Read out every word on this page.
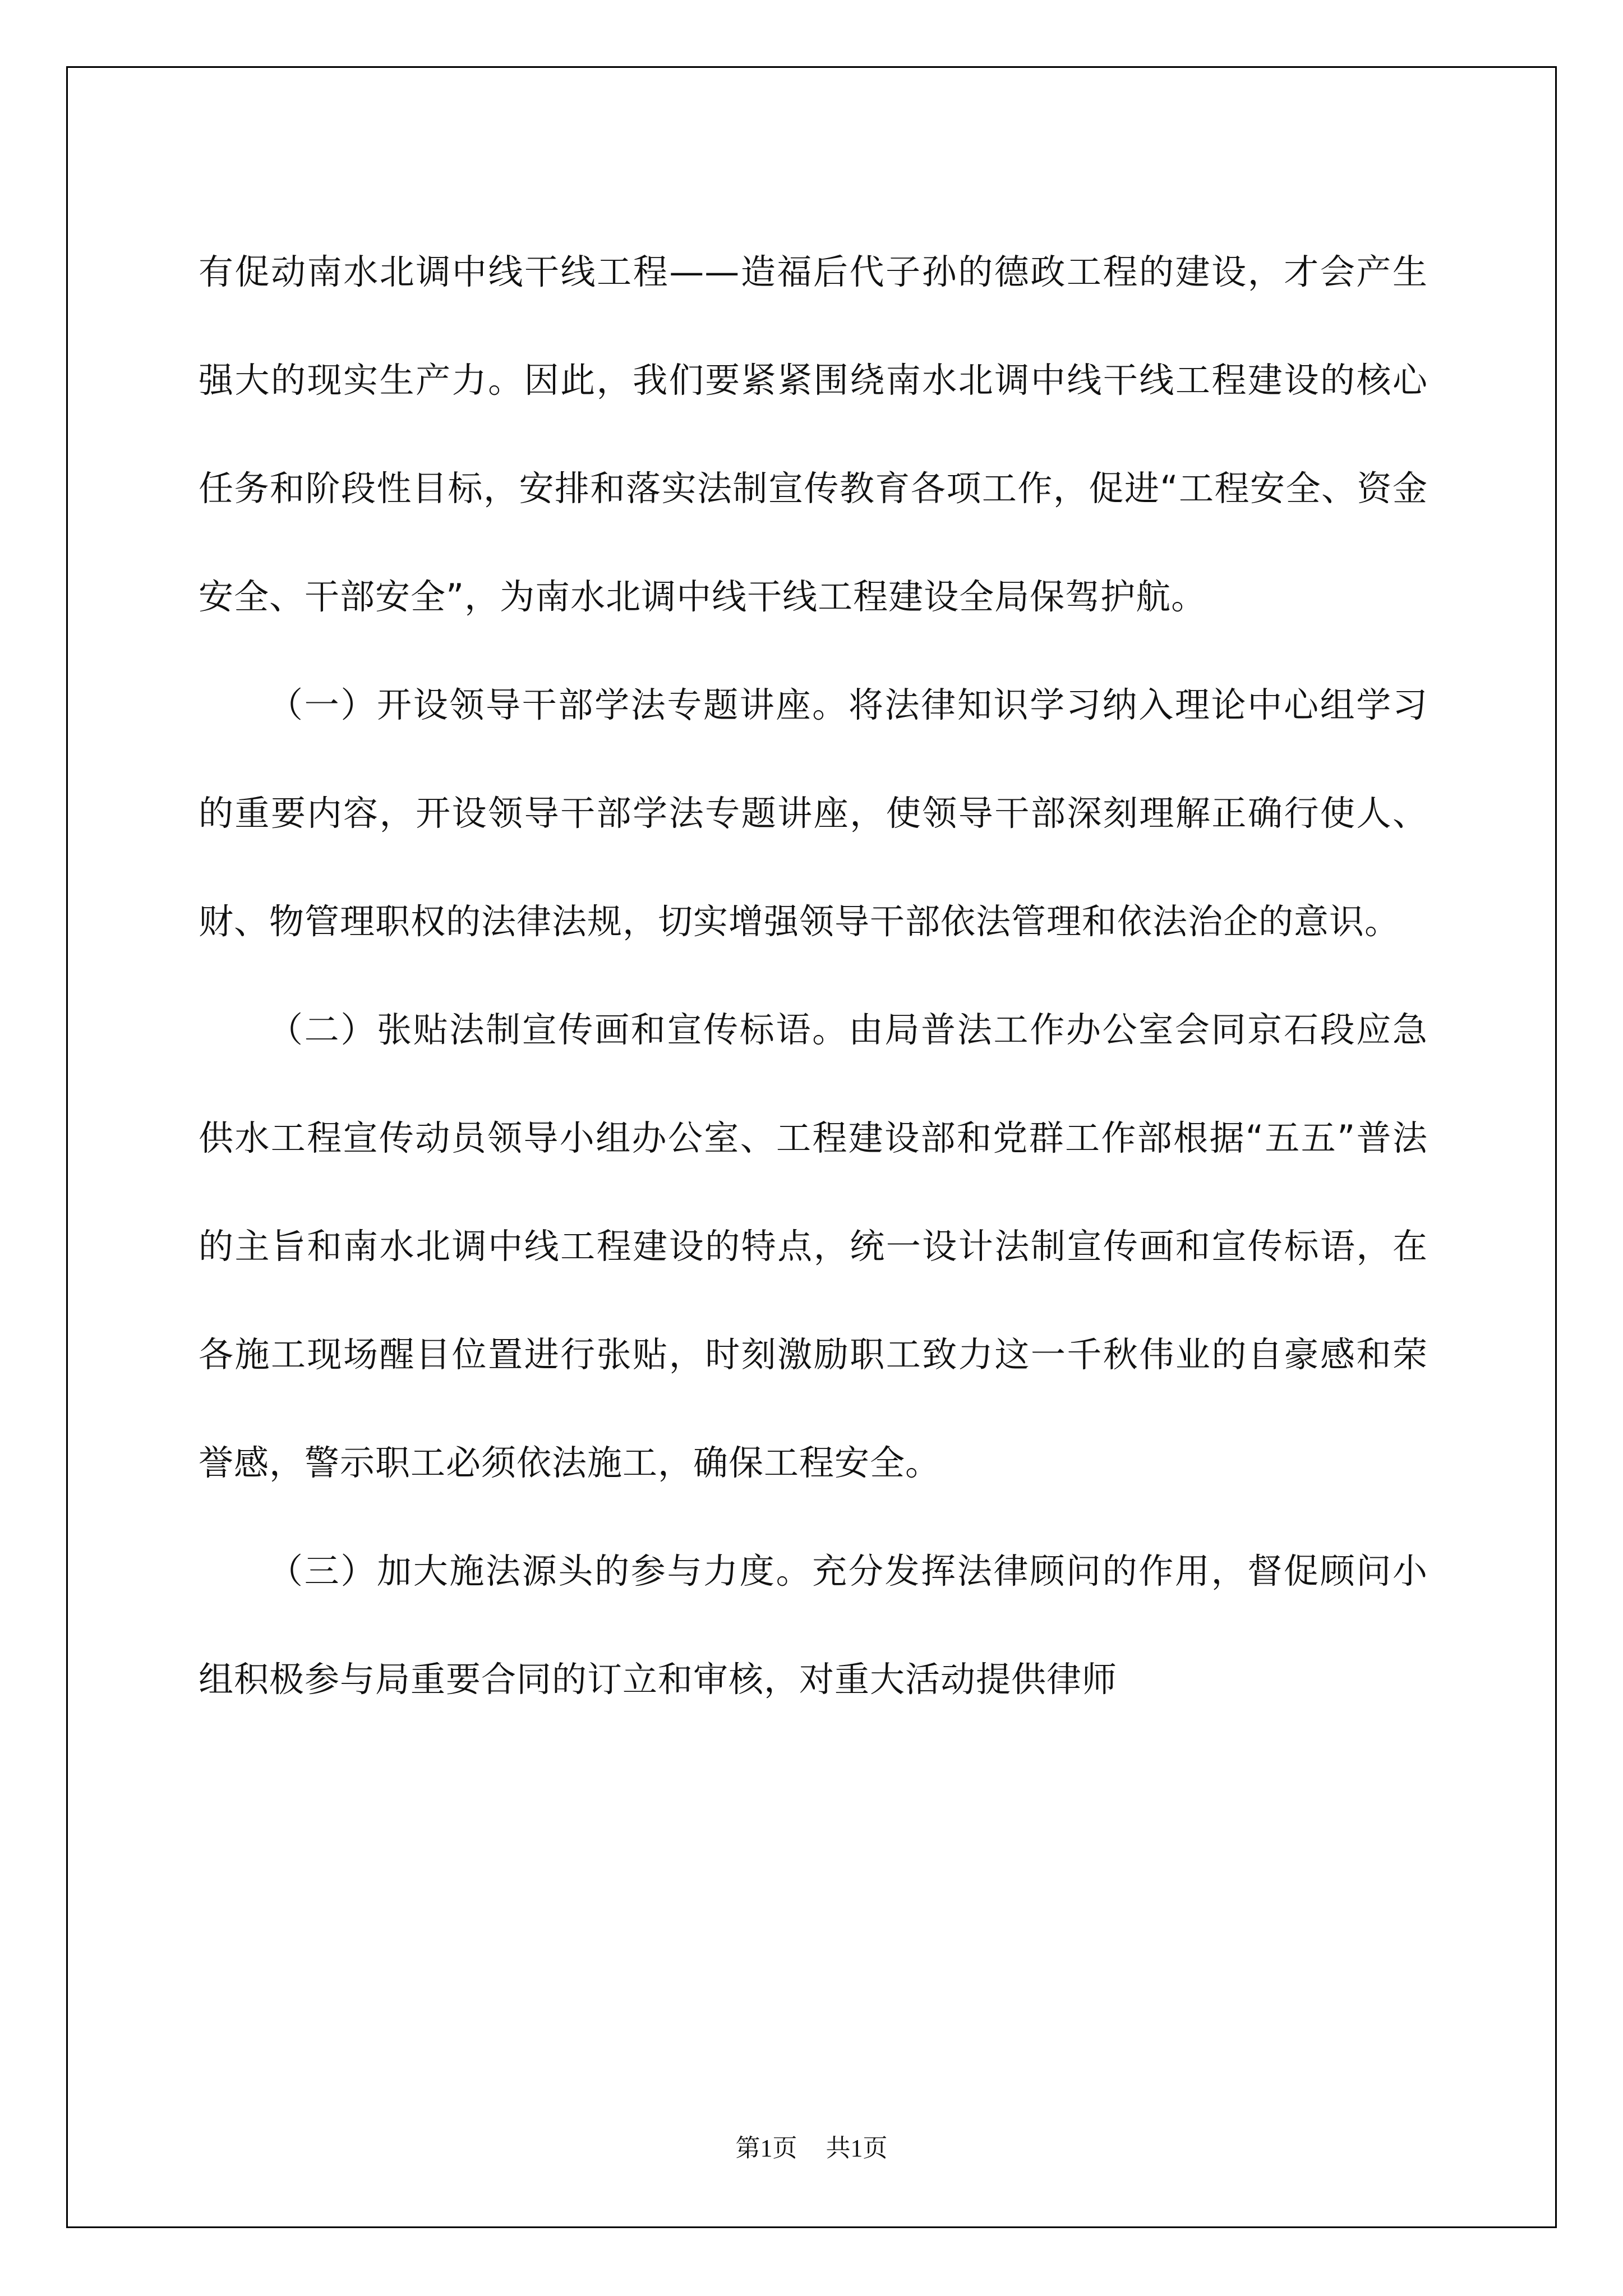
有促动南水北调中线干线工程——造福后代子孙的德政工程的建设，才会产生强大的现实生产力。因此，我们要紧紧围绕南水北调中线干线工程建设的核心任务和阶段性目标，安排和落实法制宣传教育各项工作，促进“工程安全、资金安全、干部安全”，为南水北调中线干线工程建设全局保驾护航。

（一）开设领导干部学法专题讲座。将法律知识学习纳入理论中心组学习的重要内容，开设领导干部学法专题讲座，使领导干部深刻理解正确行使人、财、物管理职权的法律法规，切实增强领导干部依法管理和依法治企的意识。

（二）张贴法制宣传画和宣传标语。由局普法工作办公室会同京石段应急供水工程宣传动员领导小组办公室、工程建设部和党群工作部根据“五五”普法的主旨和南水北调中线工程建设的特点，统一设计法制宣传画和宣传标语，在各施工现场醒目位置进行张贴，时刻激励职工致力这一千秋伟业的自豪感和荣誉感，警示职工必须依法施工，确保工程安全。

（三）加大施法源头的参与力度。充分发挥法律顾问的作用，督促顾问小组积极参与局重要合同的订立和审核，对重大活动提供律师

第1页 共1页
